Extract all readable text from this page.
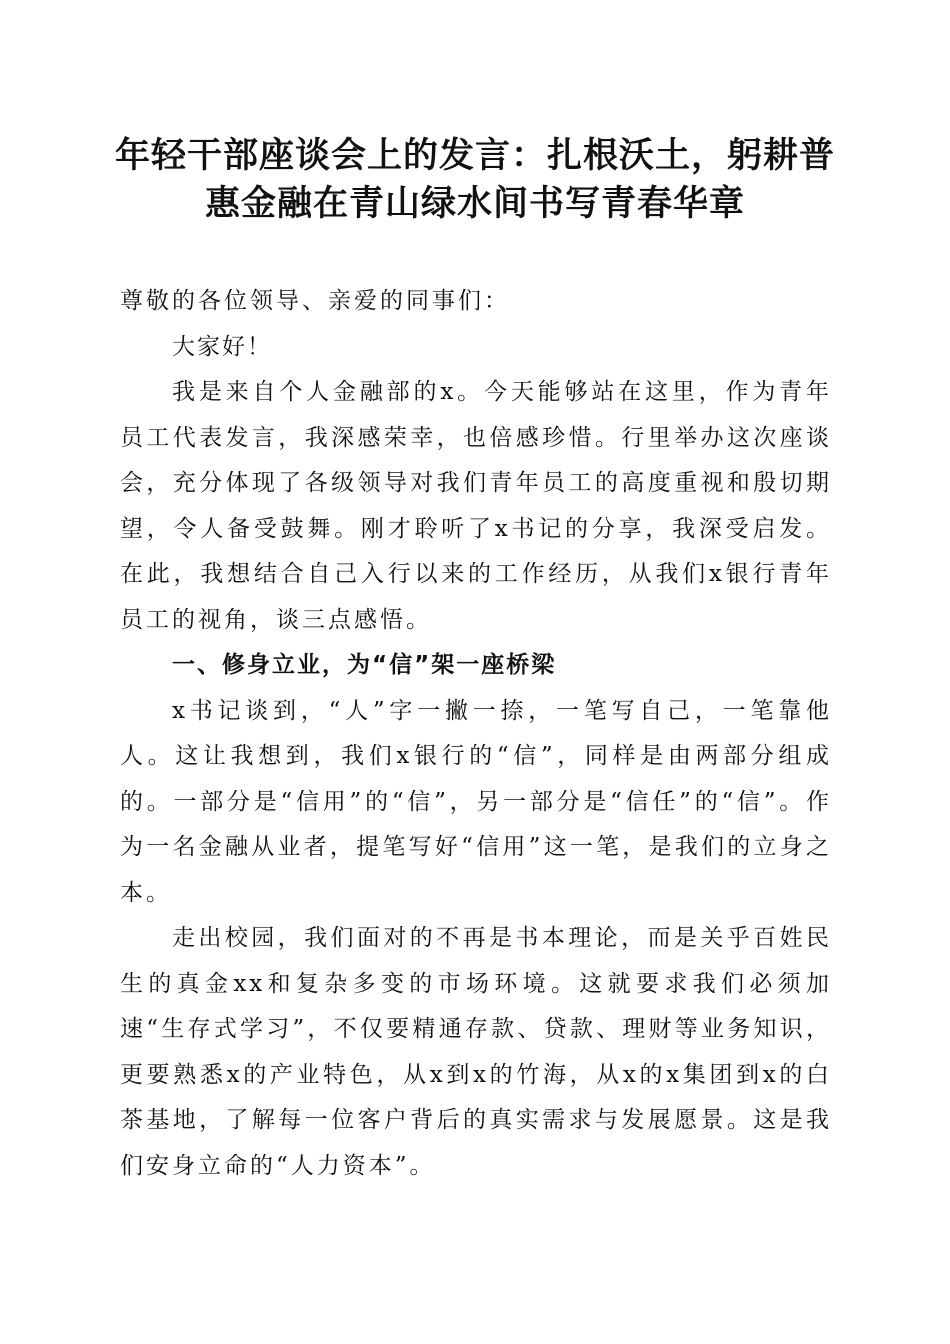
年轻干部座谈会上的发言：扎根沃土，躬耕普
惠金融在青山绿水间书写青春华章

尊敬的各位领导、亲爱的同事们：

大家好！

我是来自个人金融部的x。今天能够站在这里，作为青年员工代表发言，我深感荣幸，也倍感珍惜。行里举办这次座谈会，充分体现了各级领导对我们青年员工的高度重视和殷切期望，令人备受鼓舞。刚才聆听了x书记的分享，我深受启发。在此，我想结合自己入行以来的工作经历，从我们x银行青年员工的视角，谈三点感悟。

一、修身立业，为“信”架一座桥梁

x书记谈到，“人”字一撇一捺，一笔写自己，一笔靠他人。这让我想到，我们x银行的“信”，同样是由两部分组成的。一部分是“信用”的“信”，另一部分是“信任”的“信”。作为一名金融从业者，提笔写好“信用”这一笔，是我们的立身之本。

走出校园，我们面对的不再是书本理论，而是关乎百姓民生的真金xx和复杂多变的市场环境。这就要求我们必须加速“生存式学习”，不仅要精通存款、贷款、理财等业务知识，更要熟悉x的产业特色，从x到x的竹海，从x的x集团到x的白茶基地，了解每一位客户背后的真实需求与发展愿景。这是我们安身立命的“人力资本”。
